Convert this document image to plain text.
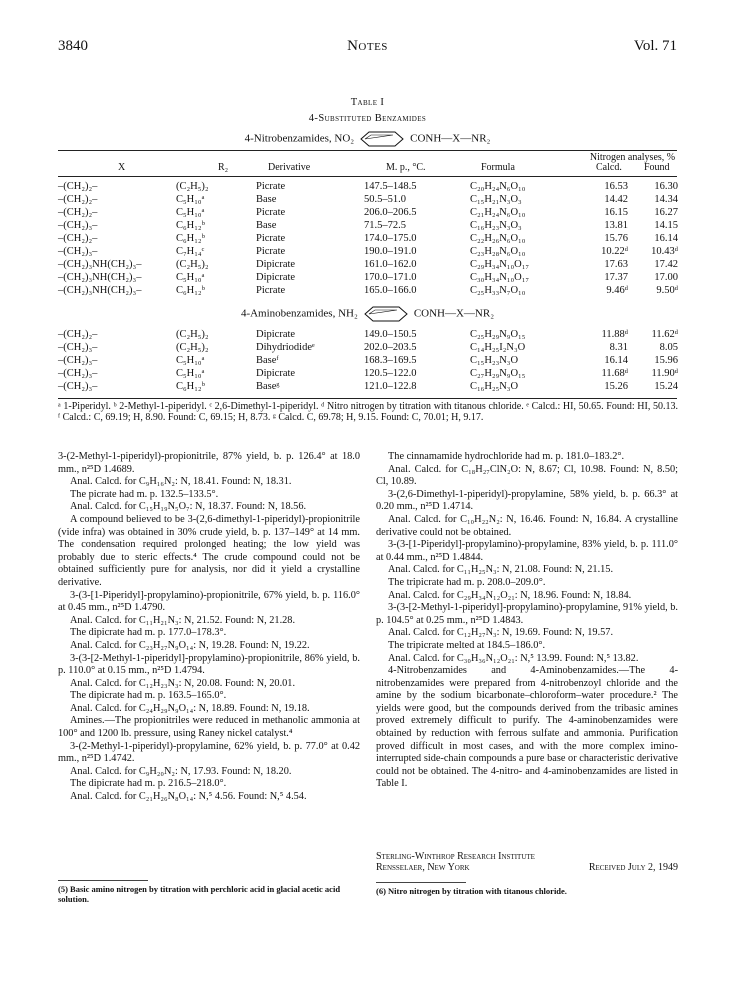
3840	Notes	Vol. 71
Table I
4-Substituted Benzamides
4-Nitrobenzamides, NO₂	CONH—X—NR₂
Nitrogen analyses, %
X	R₂	Derivative	M. p., °C.	Formula	Calcd. Found
–(CH₂)₂–	(C₂H₅)₂	Picrate	147.5–148.5	C₂₀H₂₄N₆O₁₀	16.53	16.30
–(CH₂)₂–	C₅H₁₀ᵃ	Base	50.5–51.0	C₁₅H₂₁N₃O₃	14.42	14.34
–(CH₂)₂–	C₅H₁₀ᵃ	Picrate	206.0–206.5	C₂₁H₂₄N₆O₁₀	16.15	16.27
–(CH₂)₃–	C₆H₁₂ᵇ	Base	71.5–72.5	C₁₆H₂₃N₃O₃	13.81	14.15
–(CH₂)₂–	C₆H₁₂ᵇ	Picrate	174.0–175.0	C₂₂H₂₆N₆O₁₀	15.76	16.14
–(CH₂)₃–	C₇H₁₄ᶜ	Picrate	190.0–191.0	C₂₃H₂₈N₆O₁₀	10.22ᵈ	10.43ᵈ
–(CH₂)₃NH(CH₂)₃–	(C₂H₅)₂	Dipicrate	161.0–162.0	C₂₉H₃₄N₁₀O₁₇	17.63	17.42
–(CH₂)₃NH(CH₂)₃–	C₅H₁₀ᵃ	Dipicrate	170.0–171.0	C₃₀H₃₄N₁₀O₁₇	17.37	17.00
–(CH₂)₃NH(CH₂)₃–	C₆H₁₂ᵇ	Picrate	165.0–166.0	C₂₅H₃₃N₇O₁₀	9.46ᵈ	9.50ᵈ
4-Aminobenzamides, NH₂	CONH—X—NR₂
–(CH₂)₂–	(C₂H₅)₂	Dipicrate	149.0–150.5	C₂₅H₂₉N₉O₁₅	11.88ᵈ	11.62ᵈ
–(CH₂)₃–	(C₂H₅)₂	Dihydriodideᵉ	202.0–203.5	C₁₄H₂₅I₂N₃O	8.31	8.05
–(CH₂)₃–	C₅H₁₀ᵃ	Baseᶠ	168.3–169.5	C₁₅H₂₃N₃O	16.14	15.96
–(CH₂)₃–	C₅H₁₀ᵃ	Dipicrate	120.5–122.0	C₂₇H₂₉N₉O₁₅	11.68ᵈ	11.90ᵈ
–(CH₂)₃–	C₆H₁₂ᵇ	Baseᵍ	121.0–122.8	C₁₆H₂₅N₃O	15.26	15.24
ᵃ 1-Piperidyl. ᵇ 2-Methyl-1-piperidyl. ᶜ 2,6-Dimethyl-1-piperidyl. ᵈ Nitro nitrogen by titration with titanous chloride. ᵉ Calcd.: HI, 50.65. Found: HI, 50.13. ᶠ Calcd.: C, 69.19; H, 8.90. Found: C, 69.15; H, 8.73. ᵍ Calcd. C, 69.78; H, 9.15. Found: C, 70.01; H, 9.17.

3-(2-Methyl-1-piperidyl)-propionitrile, 87% yield, b. p. 126.4° at 18.0 mm., n²⁵D 1.4689.

Anal. Calcd. for C₉H₁₆N₂: N, 18.41. Found: N, 18.31.

The picrate had m. p. 132.5–133.5°.

Anal. Calcd. for C₁₅H₁₉N₅O₇: N, 18.37. Found: N, 18.56.

A compound believed to be 3-(2,6-dimethyl-1-piperidyl)-propionitrile (vide infra) was obtained in 30% crude yield, b. p. 137–149° at 14 mm. The condensation required prolonged heating; the low yield was probably due to steric effects.⁴ The crude compound could not be obtained sufficiently pure for analysis, nor did it yield a crystalline derivative.

3-(3-[1-Piperidyl]-propylamino)-propionitrile, 67% yield, b. p. 116.0° at 0.45 mm., n²⁵D 1.4790.

Anal. Calcd. for C₁₁H₂₁N₃: N, 21.52. Found: N, 21.28.

The dipicrate had m. p. 177.0–178.3°.

Anal. Calcd. for C₂₃H₂₇N₉O₁₄: N, 19.28. Found: N, 19.22.

3-(3-[2-Methyl-1-piperidyl]-propylamino)-propionitrile, 86% yield, b. p. 110.0° at 0.15 mm., n²⁵D 1.4794.

Anal. Calcd. for C₁₂H₂₃N₃: N, 20.08. Found: N, 20.01.

The dipicrate had m. p. 163.5–165.0°.

Anal. Calcd. for C₂₄H₂₉N₉O₁₄: N, 18.89. Found: N, 19.18.

Amines.—The propionitriles were reduced in methanolic ammonia at 100° and 1200 lb. pressure, using Raney nickel catalyst.⁴

3-(2-Methyl-1-piperidyl)-propylamine, 62% yield, b. p. 77.0° at 0.42 mm., n²⁵D 1.4742.

Anal. Calcd. for C₉H₂₀N₂: N, 17.93. Found: N, 18.20.

The dipicrate had m. p. 216.5–218.0°.

Anal. Calcd. for C₂₁H₂₆N₈O₁₄: N,⁵ 4.56. Found: N,⁵ 4.54.

The cinnamamide hydrochloride had m. p. 181.0–183.2°.

Anal. Calcd. for C₁₈H₂₇ClN₂O: N, 8.67; Cl, 10.98. Found: N, 8.50; Cl, 10.89.

3-(2,6-Dimethyl-1-piperidyl)-propylamine, 58% yield, b. p. 66.3° at 0.20 mm., n²⁵D 1.4714.

Anal. Calcd. for C₁₀H₂₂N₂: N, 16.46. Found: N, 16.84. A crystalline derivative could not be obtained.

3-(3-[1-Piperidyl]-propylamino)-propylamine, 83% yield, b. p. 111.0° at 0.44 mm., n²⁵D 1.4844.

Anal. Calcd. for C₁₁H₂₅N₃: N, 21.08. Found: N, 21.15.

The tripicrate had m. p. 208.0–209.0°.

Anal. Calcd. for C₂₉H₃₄N₁₂O₂₁: N, 18.96. Found: N, 18.84.

3-(3-[2-Methyl-1-piperidyl]-propylamino)-propylamine, 91% yield, b. p. 104.5° at 0.25 mm., n²⁵D 1.4843.

Anal. Calcd. for C₁₂H₂₇N₃: N, 19.69. Found: N, 19.57.

The tripicrate melted at 184.5–186.0°.

Anal. Calcd. for C₃₀H₃₆N₁₂O₂₁: N,⁵ 13.99. Found: N,⁵ 13.82.

4-Nitrobenzamides and 4-Aminobenzamides.—The 4-nitrobenzamides were prepared from 4-nitrobenzoyl chloride and the amine by the sodium bicarbonate–chloroform–water procedure.² The yields were good, but the compounds derived from the tribasic amines proved extremely difficult to purify. The 4-aminobenzamides were obtained by reduction with ferrous sulfate and ammonia. Purification proved difficult in most cases, and with the more complex imino-interrupted side-chain compounds a pure base or characteristic derivative could not be obtained. The 4-nitro- and 4-aminobenzamides are listed in Table I.

Sterling-Winthrop Research Institute
Rensselaer, New York	Received July 2, 1949
(5) Basic amino nitrogen by titration with perchloric acid in glacial acetic acid solution.
(6) Nitro nitrogen by titration with titanous chloride.
